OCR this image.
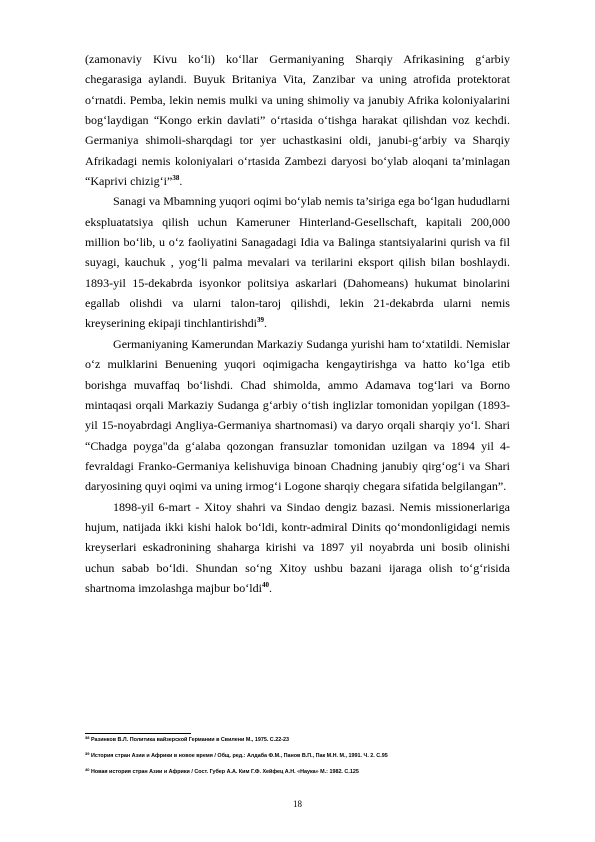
(zamonaviy Kivu ko‘li) ko‘llar Germaniyaning Sharqiy Afrikasining g‘arbiy chegarasiga aylandi. Buyuk Britaniya Vita, Zanzibar va uning atrofida protektorat o‘rnatdi. Pemba, lekin nemis mulki va uning shimoliy va janubiy Afrika koloniyalarini bog‘laydigan “Kongo erkin davlati” o‘rtasida o‘tishga harakat qilishdan voz kechdi. Germaniya shimoli-sharqdagi tor yer uchastkasini oldi, janubi-g‘arbiy va Sharqiy Afrikadagi nemis koloniyalari o‘rtasida Zambezi daryosi bo‘ylab aloqani ta’minlagan “Kaprivi chizig‘i”$^{38}$.

Sanagi va Mbamning yuqori oqimi bo‘ylab nemis ta’siriga ega bo‘lgan hududlarni ekspluatatsiya qilish uchun Kameruner Hinterland-Gesellschaft, kapitali 200,000 million bo‘lib, u o‘z faoliyatini Sanagadagi Idia va Balinga stantsiyalarini qurish va fil suyagi, kauchuk , yog‘li palma mevalari va terilarini eksport qilish bilan boshlaydi. 1893-yil 15-dekabrda isyonkor politsiya askarlari (Dahomeans) hukumat binolarini egallab olishdi va ularni talon-taroj qilishdi, lekin 21-dekabrda ularni nemis kreyserining ekipaji tinchlantirishdi$^{39}$.

Germaniyaning Kamerundan Markaziy Sudanga yurishi ham to‘xtatildi. Nemislar o‘z mulklarini Benuening yuqori oqimigacha kengaytirishga va hatto ko‘lga etib borishga muvaffaq bo‘lishdi. Chad shimolda, ammo Adamava tog‘lari va Borno mintaqasi orqali Markaziy Sudanga g‘arbiy o‘tish inglizlar tomonidan yopilgan (1893-yil 15-noyabrdagi Angliya-Germaniya shartnomasi) va daryo orqali sharqiy yo‘l. Shari “Chadga poyga"da g‘alaba qozongan fransuzlar tomonidan uzilgan va 1894 yil 4-fevraldagi Franko-Germaniya kelishuviga binoan Chadning janubiy qirg‘og‘i va Shari daryosining quyi oqimi va uning irmog‘i Logone sharqiy chegara sifatida belgilangan”.

1898-yil 6-mart - Xitoy shahri va Sindao dengiz bazasi. Nemis missionerlariga hujum, natijada ikki kishi halok bo‘ldi, kontr-admiral Dinits qo‘mondonligidagi nemis kreyserlari eskadronining shaharga kirishi va 1897 yil noyabrda uni bosib olinishi uchun sabab bo‘ldi. Shundan so‘ng Xitoy ushbu bazani ijaraga olish to‘g‘risida shartnoma imzolashga majbur bo‘ldi$^{40}$.

$^{38}$ Разинков В.Л. Политика вайзерской Германии в Свилени М., 1975. С.22-23
$^{39}$ История стран Азии и Африки в новое время / Общ. ред.: Алдаба Ф.М., Панов В.П., Пак М.Н. М., 1991. Ч. 2. С.95
$^{40}$ Новая история стран Азии и Африки / Сост. Губер А.А. Ким Г.Ф. Хейфец А.Н. «Наука» М.: 1982. С.125
18
